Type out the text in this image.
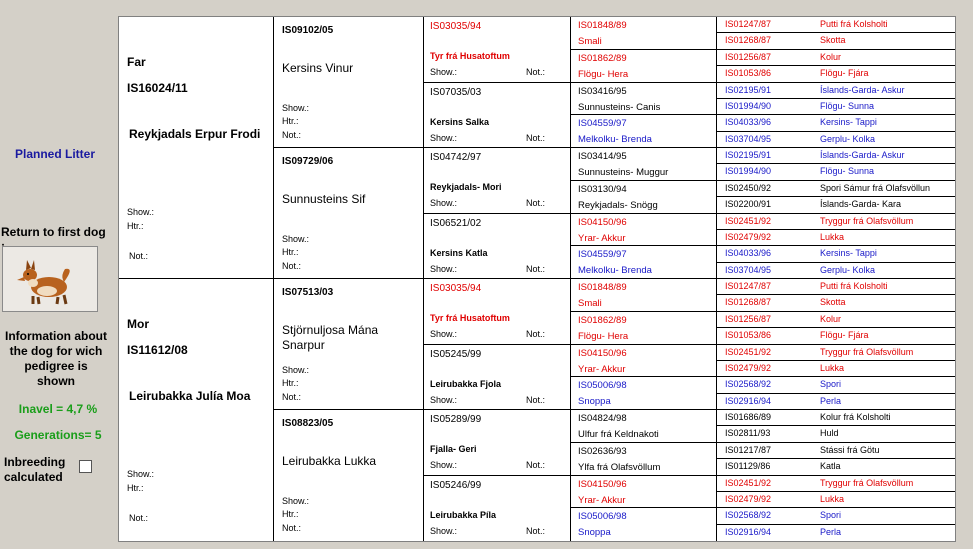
Planned Litter
Return to first dog
Information about the dog for wich pedigree is shown
Inavel = 4,7 %
Generations= 5
Inbreeding calculated
Far
IS16024/11
Reykjadals Erpur Frodi
Show.:
Htr.:
Not.:
Mor
IS11612/08
Leirubakka Julía Moa
Show.:
Htr.:
Not.:
IS09102/05
Kersins Vinur
Show.:
Htr.:
Not.:
IS09729/06
Sunnusteins Sif
Show.:
Htr.:
Not.:
IS07513/03
Stjörnuljosa Mána Snarpur
Show.:
Htr.:
Not.:
IS08823/05
Leirubakka Lukka
Show.:
Htr.:
Not.:
IS03035/94
Tyr frá Husatoftum
Show.:	Not.:
IS07035/03
Kersins Salka
Show.:	Not.:
IS04742/97
Reykjadals- Mori
Show.:	Not.:
IS06521/02
Kersins Katla
Show.:	Not.:
IS03035/94
Tyr frá Husatoftum
Show.:	Not.:
IS05245/99
Leirubakka Fjola
Show.:	Not.:
IS05289/99
Fjalla- Geri
Show.:	Not.:
IS05246/99
Leirubakka Píla
Show.:	Not.:
IS01848/89
Smali
IS01862/89
Flögu- Hera
IS03416/95
Sunnusteins- Canis
IS04559/97
Melkolku- Brenda
IS03414/95
Sunnusteins- Muggur
IS03130/94
Reykjadals- Snögg
IS04150/96
Yrar- Akkur
IS04559/97
Melkolku- Brenda
IS01848/89
Smali
IS01862/89
Flögu- Hera
IS04150/96
Yrar- Akkur
IS05006/98
Snoppa
IS04824/98
Ulfur frá Keldnakoti
IS02636/93
Ylfa frá Olafsvöllum
IS04150/96
Yrar- Akkur
IS05006/98
Snoppa
IS01247/87	Putti frá Kolsholti
IS01268/87	Skotta
IS01256/87	Kolur
IS01053/86	Flögu- Fjára
IS02195/91	Íslands-Garda- Askur
IS01994/90	Flögu- Sunna
IS04033/96	Kersins- Tappi
IS03704/95	Gerplu- Kolka
IS02195/91	Íslands-Garda- Askur
IS01994/90	Flögu- Sunna
IS02450/92	Spori Sámur frá Olafsvöllun
IS02200/91	Íslands-Garda- Kara
IS02451/92	Tryggur frá Olafsvöllum
IS02479/92	Lukka
IS04033/96	Kersins- Tappi
IS03704/95	Gerplu- Kolka
IS01247/87	Putti frá Kolsholti
IS01268/87	Skotta
IS01256/87	Kolur
IS01053/86	Flögu- Fjára
IS02451/92	Tryggur frá Olafsvöllum
IS02479/92	Lukka
IS02568/92	Spori
IS02916/94	Perla
IS01686/89	Kolur frá Kolsholti
IS02811/93	Huld
IS01217/87	Stássi frá Götu
IS01129/86	Katla
IS02451/92	Tryggur frá Olafsvöllum
IS02479/92	Lukka
IS02568/92	Spori
IS02916/94	Perla
